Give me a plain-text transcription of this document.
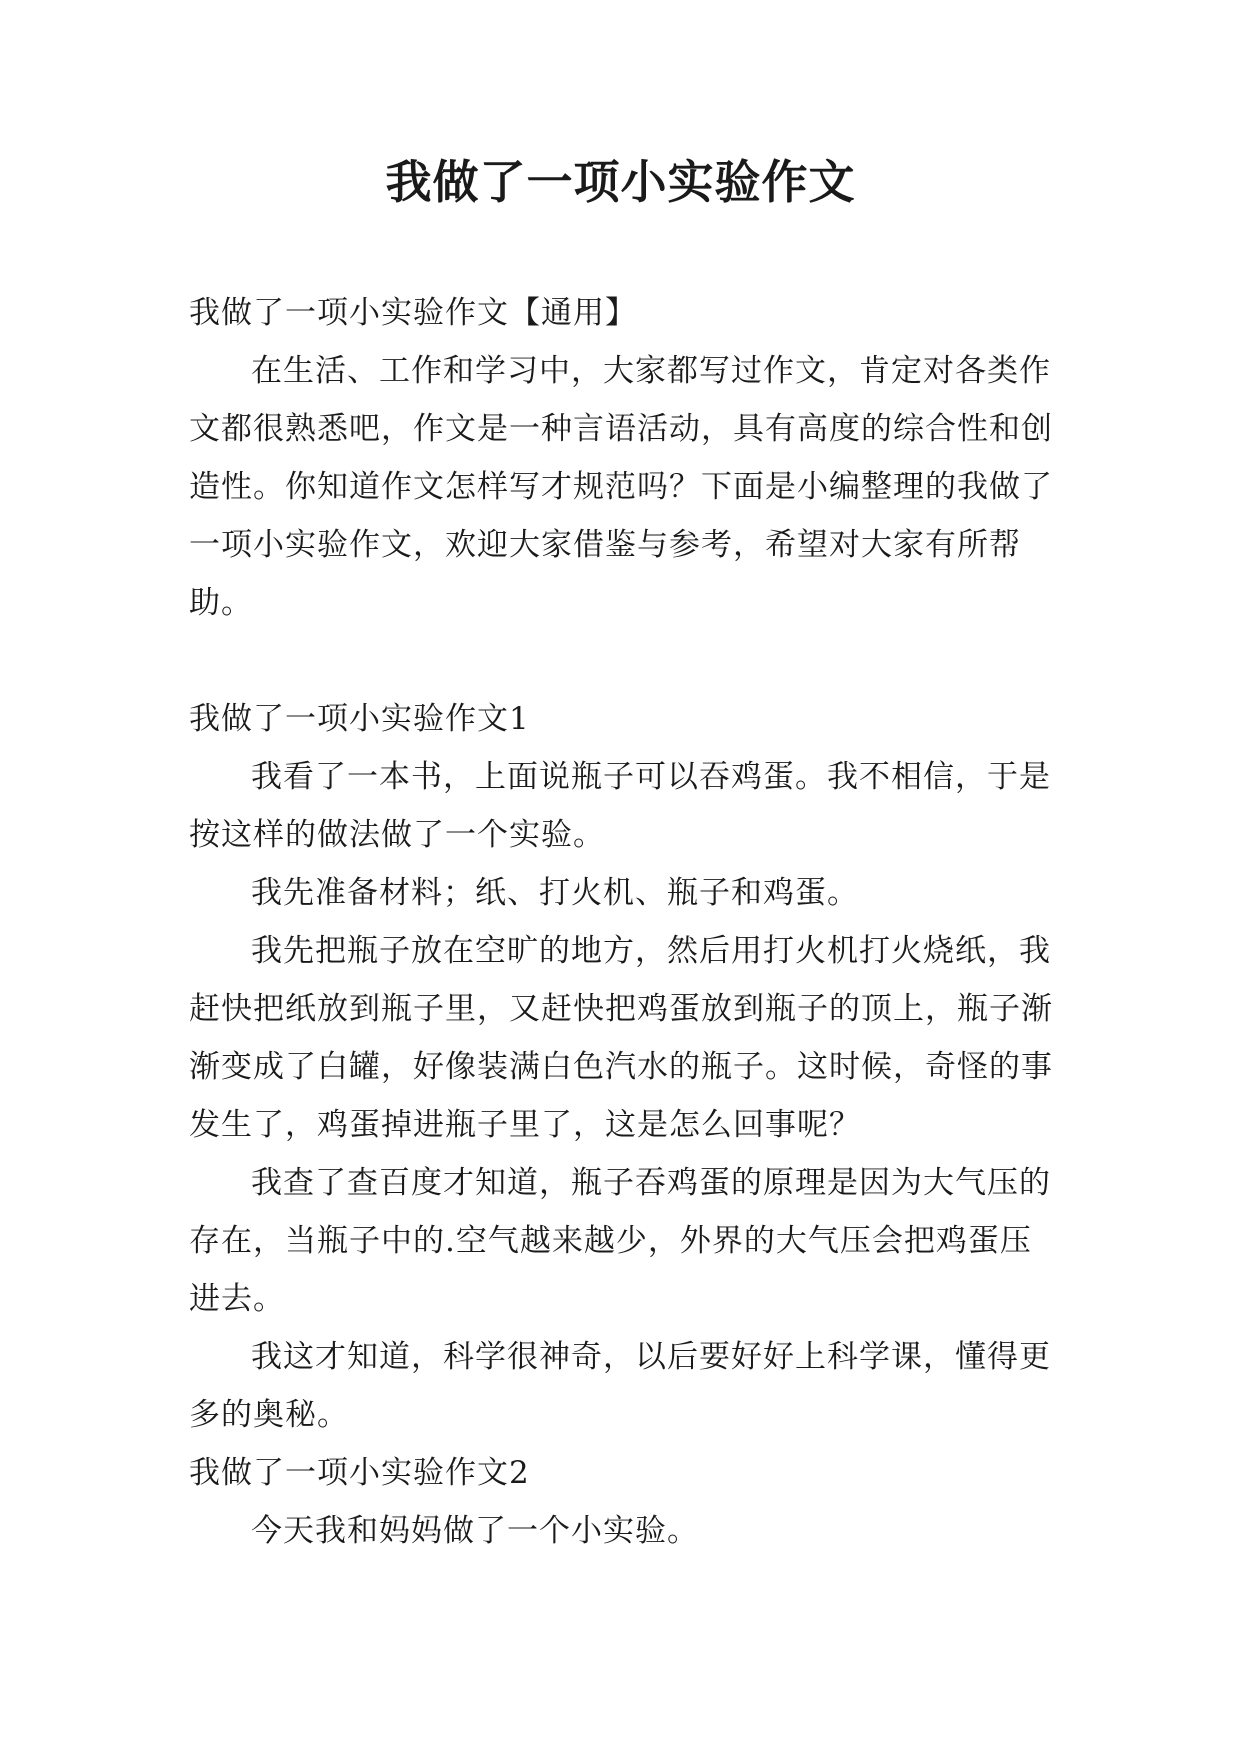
我做了一项小实验作文

我做了一项小实验作文【通用】

在生活、工作和学习中，大家都写过作文，肯定对各类作文都很熟悉吧，作文是一种言语活动，具有高度的综合性和创造性。你知道作文怎样写才规范吗？下面是小编整理的我做了一项小实验作文，欢迎大家借鉴与参考，希望对大家有所帮助。

我做了一项小实验作文1

我看了一本书，上面说瓶子可以吞鸡蛋。我不相信，于是按这样的做法做了一个实验。

我先准备材料；纸、打火机、瓶子和鸡蛋。

我先把瓶子放在空旷的地方，然后用打火机打火烧纸，我赶快把纸放到瓶子里，又赶快把鸡蛋放到瓶子的顶上，瓶子渐渐变成了白罐，好像装满白色汽水的瓶子。这时候，奇怪的事发生了，鸡蛋掉进瓶子里了，这是怎么回事呢？

我查了查百度才知道，瓶子吞鸡蛋的原理是因为大气压的存在，当瓶子中的.空气越来越少，外界的大气压会把鸡蛋压进去。

我这才知道，科学很神奇，以后要好好上科学课，懂得更多的奥秘。

我做了一项小实验作文2

今天我和妈妈做了一个小实验。
